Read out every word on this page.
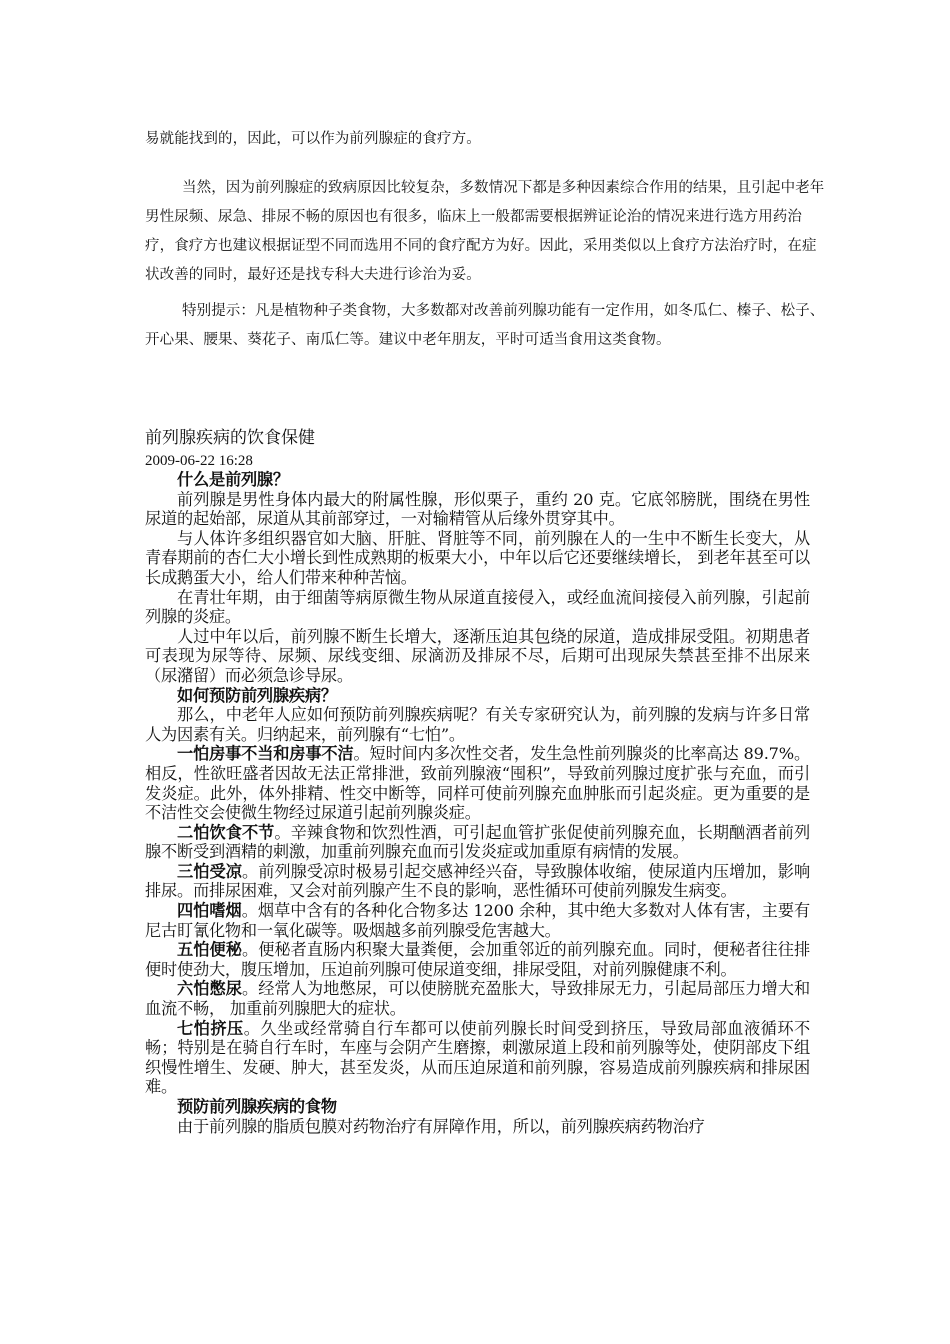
易就能找到的，因此，可以作为前列腺症的食疗方。

当然，因为前列腺症的致病原因比较复杂，多数情况下都是多种因素综合作用的结果，且引起中老年男性尿频、尿急、排尿不畅的原因也有很多，临床上一般都需要根据辨证论治的情况来进行选方用药治疗，食疗方也建议根据证型不同而选用不同的食疗配方为好。因此，采用类似以上食疗方法治疗时，在症状改善的同时，最好还是找专科大夫进行诊治为妥。

特别提示：凡是植物种子类食物，大多数都对改善前列腺功能有一定作用，如冬瓜仁、榛子、松子、开心果、腰果、葵花子、南瓜仁等。建议中老年朋友，平时可适当食用这类食物。

前列腺疾病的饮食保健
2009-06-22 16:28

什么是前列腺？

前列腺是男性身体内最大的附属性腺，形似栗子，重约 20 克。它底邻膀胱，围绕在男性尿道的起始部，尿道从其前部穿过，一对输精管从后缘外贯穿其中。

与人体许多组织器官如大脑、肝脏、肾脏等不同，前列腺在人的一生中不断生长变大，从青春期前的杏仁大小增长到性成熟期的板栗大小，中年以后它还要继续增长， 到老年甚至可以长成鹅蛋大小，给人们带来种种苦恼。

在青壮年期，由于细菌等病原微生物从尿道直接侵入，或经血流间接侵入前列腺，引起前列腺的炎症。

人过中年以后，前列腺不断生长增大，逐渐压迫其包绕的尿道，造成排尿受阻。初期患者可表现为尿等待、尿频、尿线变细、尿滴沥及排尿不尽，后期可出现尿失禁甚至排不出尿来（尿潴留）而必须急诊导尿。

如何预防前列腺疾病？

那么，中老年人应如何预防前列腺疾病呢？有关专家研究认为，前列腺的发病与许多日常人为因素有关。归纳起来，前列腺有“七怕”。

一怕房事不当和房事不洁。短时间内多次性交者，发生急性前列腺炎的比率高达 89.7%。相反，性欲旺盛者因故无法正常排泄，致前列腺液“囤积”，导致前列腺过度扩张与充血，而引发炎症。此外，体外排精、性交中断等，同样可使前列腺充血肿胀而引起炎症。更为重要的是不洁性交会使微生物经过尿道引起前列腺炎症。

二怕饮食不节。辛辣食物和饮烈性酒，可引起血管扩张促使前列腺充血，长期酗酒者前列腺不断受到酒精的刺激，加重前列腺充血而引发炎症或加重原有病情的发展。

三怕受凉。前列腺受凉时极易引起交感神经兴奋，导致腺体收缩，使尿道内压增加，影响排尿。而排尿困难，又会对前列腺产生不良的影响，恶性循环可使前列腺发生病变。

四怕嗜烟。烟草中含有的各种化合物多达 1200 余种，其中绝大多数对人体有害，主要有尼古盯氰化物和一氧化碳等。吸烟越多前列腺受危害越大。

五怕便秘。便秘者直肠内积聚大量粪便，会加重邻近的前列腺充血。同时，便秘者往往排便时使劲大，腹压增加，压迫前列腺可使尿道变细，排尿受阻，对前列腺健康不利。

六怕憋尿。经常人为地憋尿，可以使膀胱充盈胀大，导致排尿无力，引起局部压力增大和血流不畅， 加重前列腺肥大的症状。

七怕挤压。久坐或经常骑自行车都可以使前列腺长时间受到挤压，导致局部血液循环不畅；特别是在骑自行车时，车座与会阴产生磨擦，刺激尿道上段和前列腺等处，使阴部皮下组织慢性增生、发硬、肿大，甚至发炎，从而压迫尿道和前列腺，容易造成前列腺疾病和排尿困难。

预防前列腺疾病的食物

由于前列腺的脂质包膜对药物治疗有屏障作用，所以，前列腺疾病药物治疗
